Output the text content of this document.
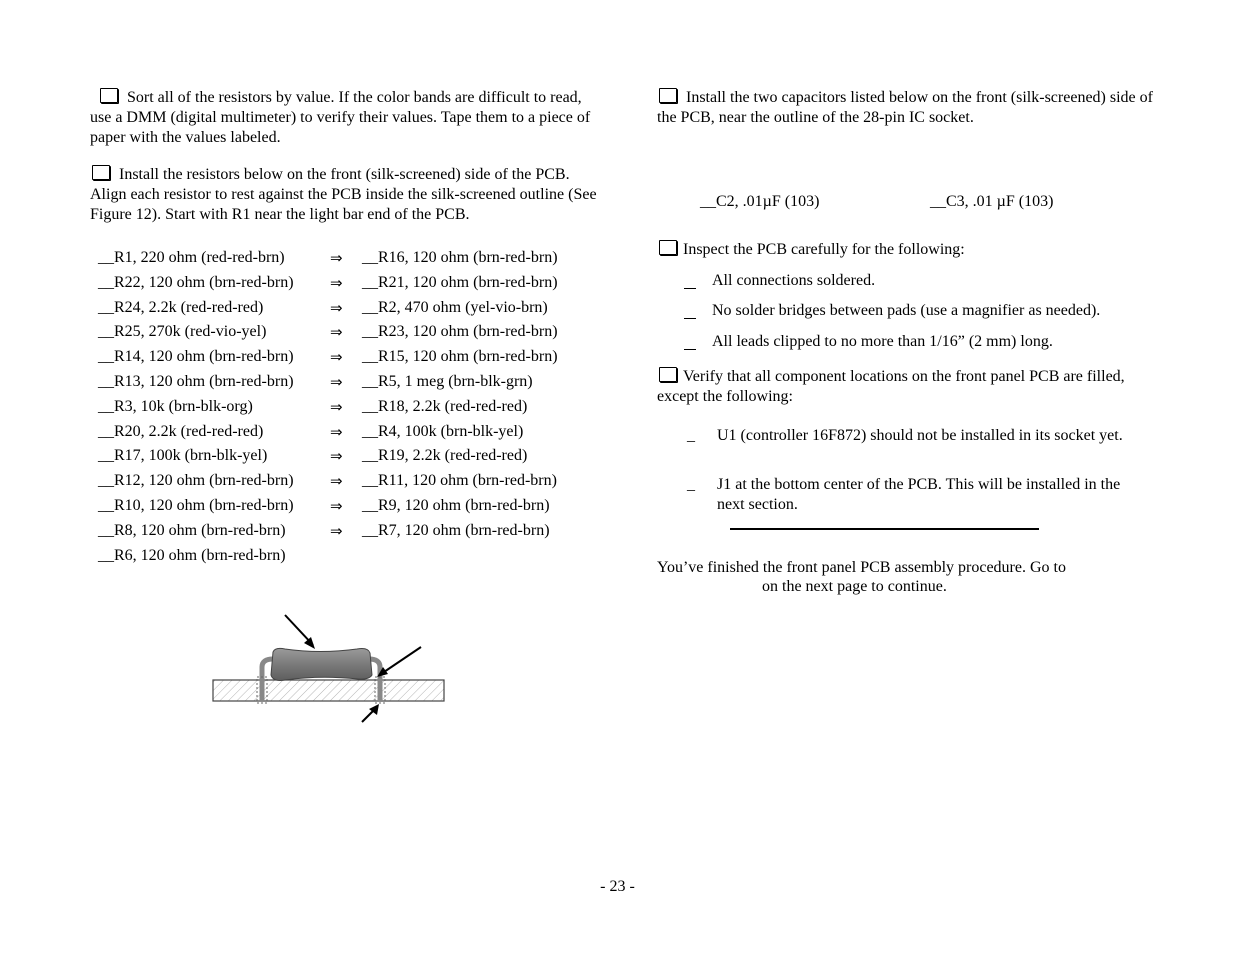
Sort all of the resistors by value. If the color bands are difficult to read, use a DMM (digital multimeter) to verify their values. Tape them to a piece of paper with the values labeled.

Install the resistors below on the front (silk-screened) side of the PCB. Align each resistor to rest against the PCB inside the silk-screened outline (See Figure 12). Start with R1 near the light bar end of the PCB.

__R1, 220 ohm (red-red-brn)	⇒ __R16, 120 ohm (brn-red-brn)
__R22, 120 ohm (brn-red-brn) ⇒ __R21, 120 ohm (brn-red-brn)
__R24, 2.2k (red-red-red)	⇒ __R2, 470 ohm (yel-vio-brn)
__R25, 270k (red-vio-yel)	⇒ __R23, 120 ohm (brn-red-brn)
__R14, 120 ohm (brn-red-brn) ⇒ __R15, 120 ohm (brn-red-brn)
__R13, 120 ohm (brn-red-brn) ⇒ __R5, 1 meg (brn-blk-grn)
__R3, 10k (brn-blk-org)	⇒ __R18, 2.2k (red-red-red)
__R20, 2.2k (red-red-red)	⇒ __R4, 100k (brn-blk-yel)
__R17, 100k (brn-blk-yel)	⇒ __R19, 2.2k (red-red-red)
__R12, 120 ohm (brn-red-brn) ⇒ __R11, 120 ohm (brn-red-brn)
__R10, 120 ohm (brn-red-brn) ⇒ __R9, 120 ohm (brn-red-brn)
__R8, 120 ohm (brn-red-brn)	⇒ __R7, 120 ohm (brn-red-brn)
__R6, 120 ohm (brn-red-brn)

Install the two capacitors listed below on the front (silk-screened) side of the PCB, near the outline of the 28-pin IC socket.

__C2, .01µF (103)	__C3, .01 µF (103)

Inspect the PCB carefully for the following:

All connections soldered.
No solder bridges between pads (use a magnifier as needed).
All leads clipped to no more than 1/16” (2 mm) long.

Verify that all component locations on the front panel PCB are filled, except the following:

_ U1 (controller 16F872) should not be installed in its socket yet.
_ J1 at the bottom center of the PCB. This will be installed in the next section.
You’ve finished the front panel PCB assembly procedure. Go to
on the next page to continue.
- 23 -
